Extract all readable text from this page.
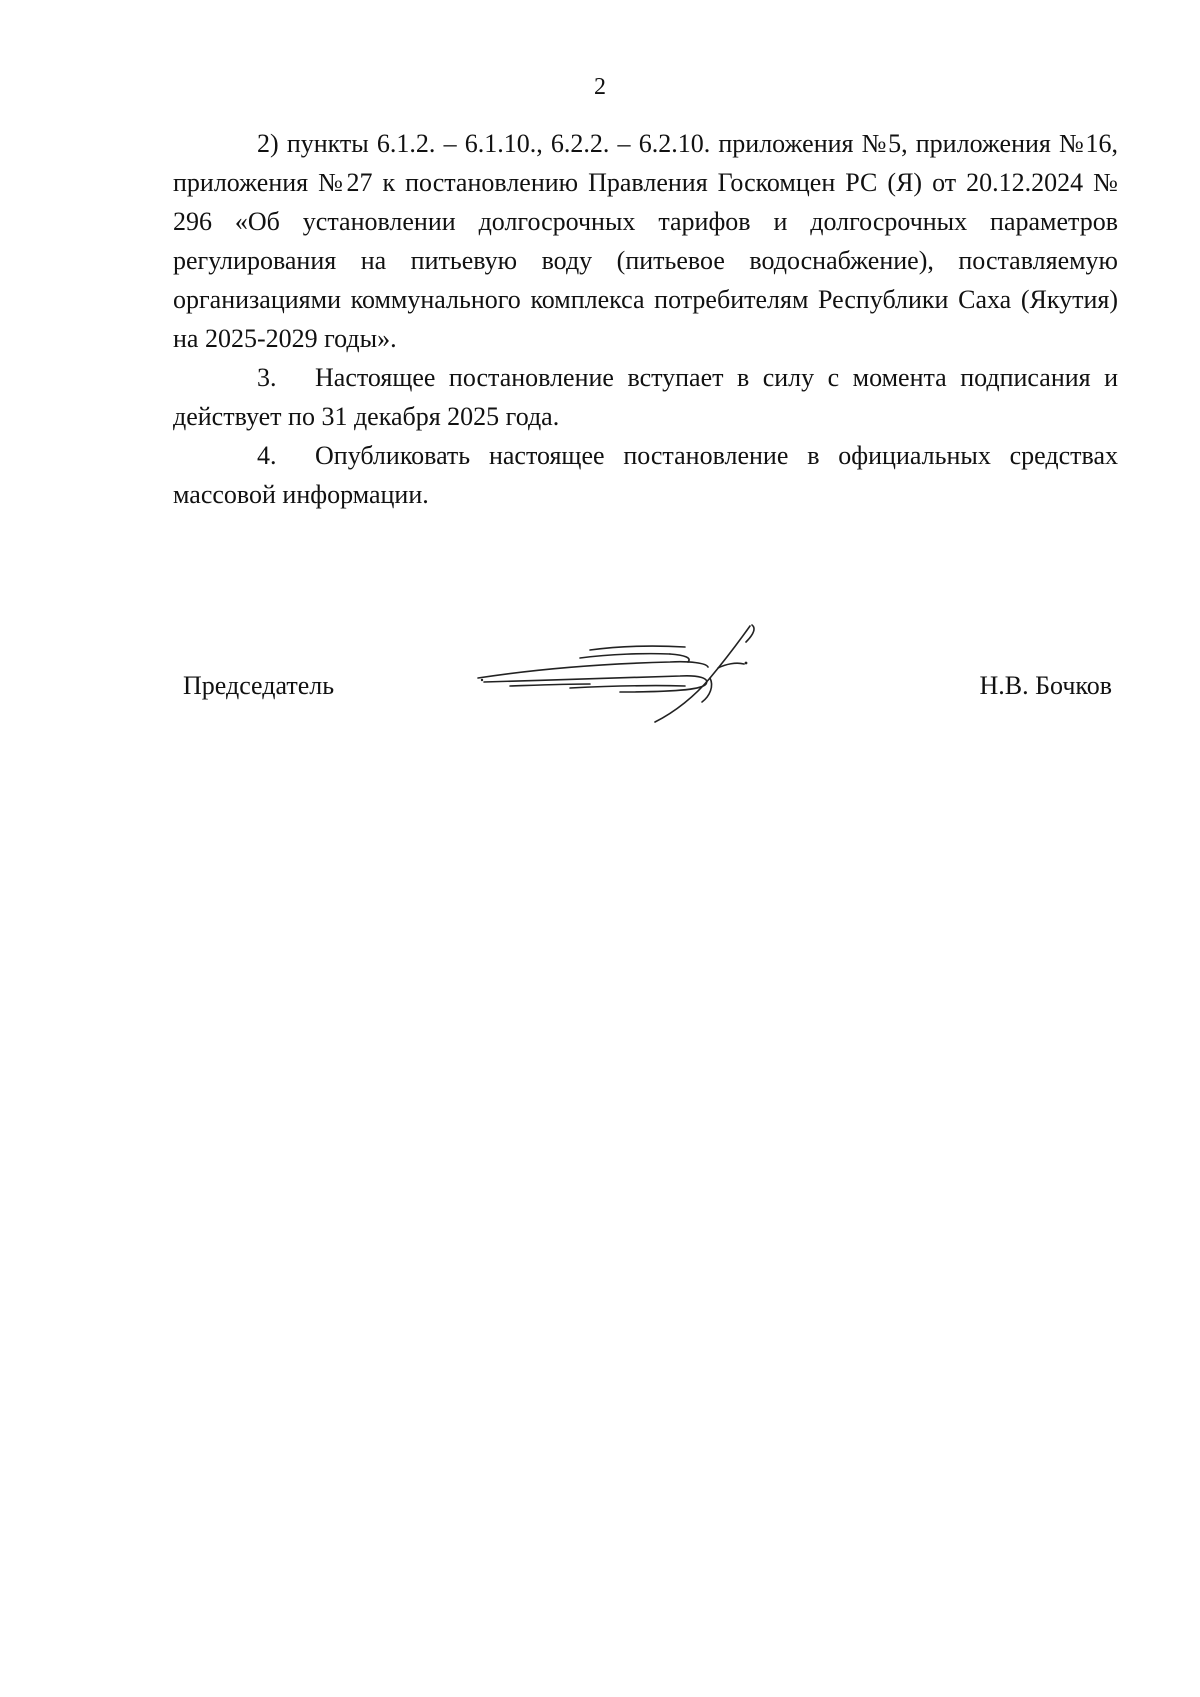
2

2) пункты 6.1.2. – 6.1.10., 6.2.2. – 6.2.10. приложения №5, приложения №16, приложения №27 к постановлению Правления Госкомцен РС (Я) от 20.12.2024 № 296 «Об установлении долгосрочных тарифов и долгосрочных параметров регулирования на питьевую воду (питьевое водоснабжение), поставляемую организациями коммунального комплекса потребителям Республики Саха (Якутия) на 2025-2029 годы».

3. Настоящее постановление вступает в силу с момента подписания и действует по 31 декабря 2025 года.

4. Опубликовать настоящее постановление в официальных средствах массовой информации.

Председатель	Н.В. Бочков
